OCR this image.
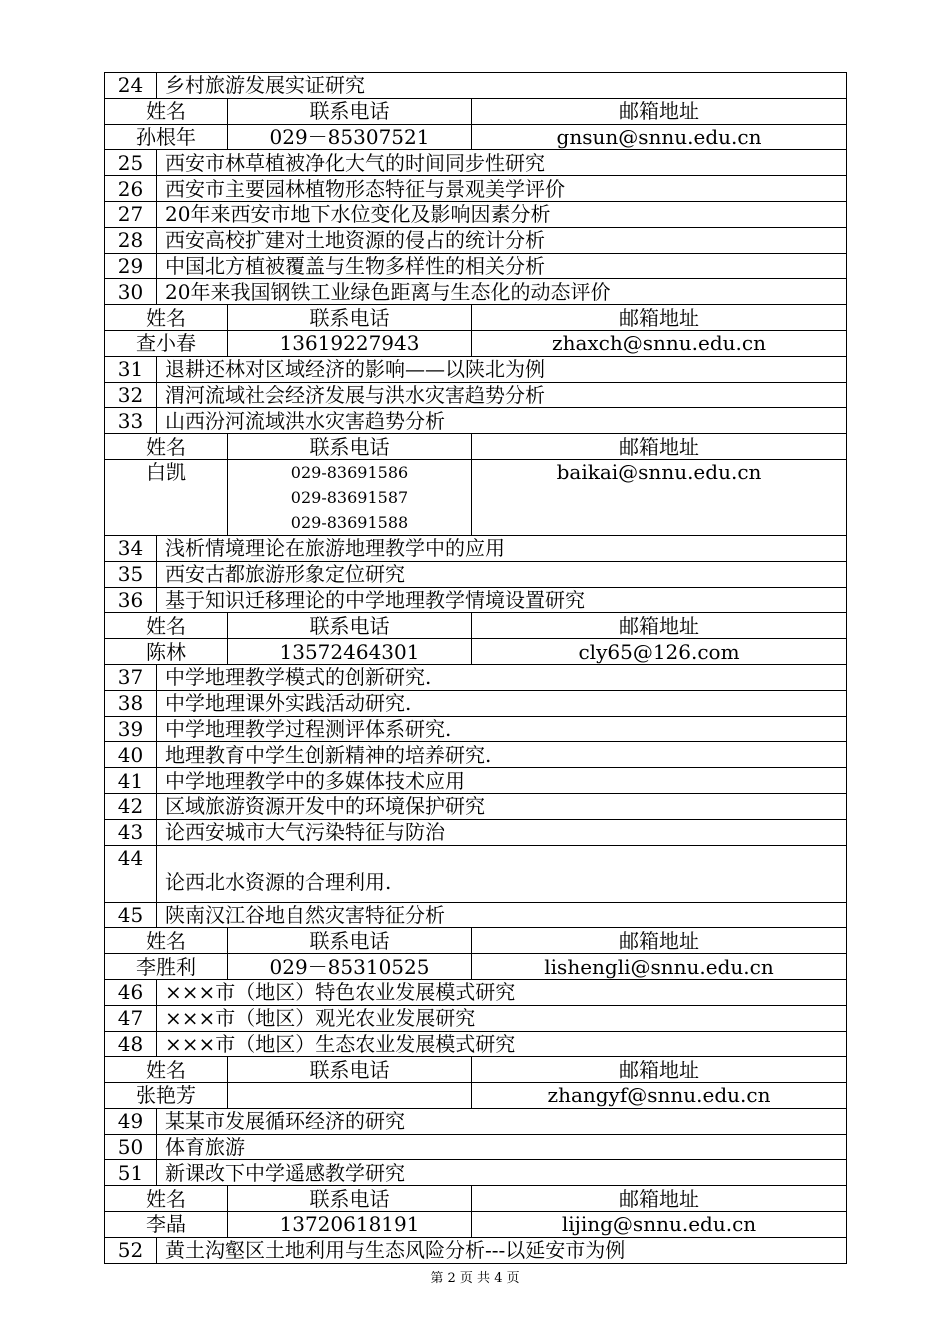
24	乡村旅游发展实证研究		
姓名		联系电话	邮箱地址
孙根年		029－85307521	gnsun@snnu.edu.cn
25	西安市林草植被净化大气的时间同步性研究		
26	西安市主要园林植物形态特征与景观美学评价		
27	20年来西安市地下水位变化及影响因素分析		
28	西安高校扩建对土地资源的侵占的统计分析		
29	中国北方植被覆盖与生物多样性的相关分析		
30	20年来我国钢铁工业绿色距离与生态化的动态评价		
姓名		联系电话	邮箱地址
查小春		13619227943	zhaxch@snnu.edu.cn
31	退耕还林对区域经济的影响——以陕北为例		
32	渭河流域社会经济发展与洪水灾害趋势分析		
33	山西汾河流域洪水灾害趋势分析		
姓名		联系电话	邮箱地址
白凯		029-83691586
029-83691587
029-83691588	baikai@snnu.edu.cn
34	浅析情境理论在旅游地理教学中的应用		
35	西安古都旅游形象定位研究		
36	基于知识迁移理论的中学地理教学情境设置研究		
姓名		联系电话	邮箱地址
陈林		13572464301	cly65@126.com
37	中学地理教学模式的创新研究.		
38	中学地理课外实践活动研究.		
39	中学地理教学过程测评体系研究.		
40	地理教育中学生创新精神的培养研究.		
41	中学地理教学中的多媒体技术应用		
42	区域旅游资源开发中的环境保护研究		
43	论西安城市大气污染特征与防治		
44	论西北水资源的合理利用.		
45	陕南汉江谷地自然灾害特征分析		
姓名		联系电话	邮箱地址
李胜利		029－85310525	lishengli@snnu.edu.cn
46	×××市（地区）特色农业发展模式研究		
47	×××市（地区）观光农业发展研究		
48	×××市（地区）生态农业发展模式研究		
姓名		联系电话	邮箱地址
张艳芳			zhangyf@snnu.edu.cn
49	某某市发展循环经济的研究		
50	体育旅游		
51	新课改下中学遥感教学研究		
姓名		联系电话	邮箱地址
李晶		13720618191	lijing@snnu.edu.cn
52	黄土沟壑区土地利用与生态风险分析---以延安市为例		
第 2 页 共 4 页
